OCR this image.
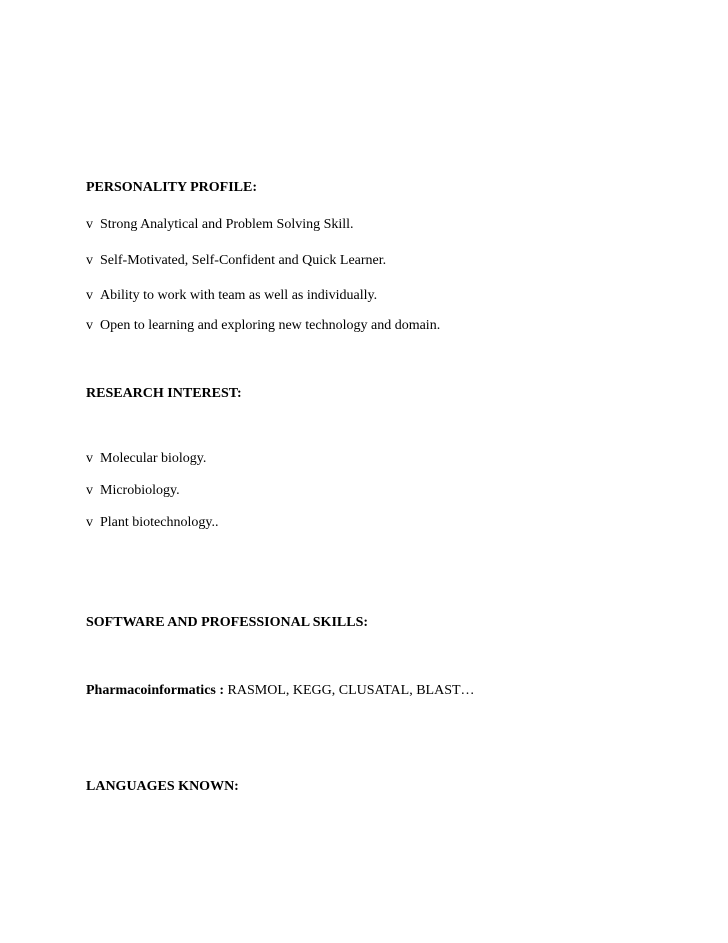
PERSONALITY PROFILE:
v Strong Analytical and Problem Solving Skill.
v Self-Motivated, Self-Confident and Quick Learner.
v Ability to work with team as well as individually.
v Open to learning and exploring new technology and domain.
RESEARCH INTEREST:
v Molecular biology.
v Microbiology.
v Plant biotechnology..
SOFTWARE AND PROFESSIONAL SKILLS:
Pharmacoinformatics : RASMOL, KEGG, CLUSATAL, BLAST…
LANGUAGES KNOWN:
